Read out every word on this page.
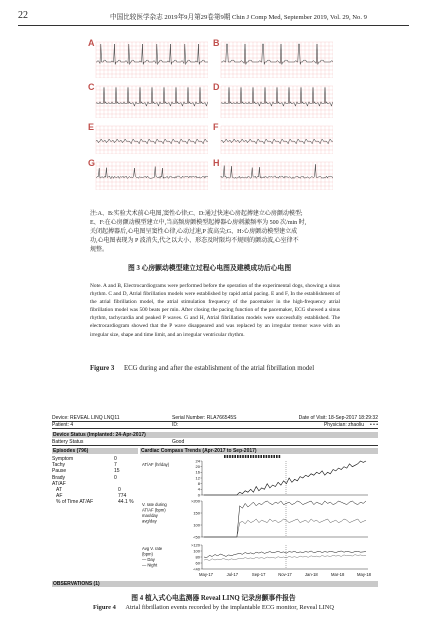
22	中国比较医学杂志 2019年9月第29卷第9期 Chin J Comp Med, September 2019, Vol. 29, No. 9
A	B
C	D
E	F
G	H
注:A、B:实验犬术前心电图,窦性心律;C、D:通过快速心房起搏建立心房颤动模型;
E、F:在心房颤动模型建立中,当高频房颤模型起搏器心房刺激频率为 500 次/min 时,
关闭起搏器后,心电图呈窦性心律,心动过速,P 波高尖;G、H:心房颤动模型建立成
功,心电图表现为 P 波消失,代之以大小、形态及时限均不规则的颤动波,心室律不
规整。
图 3 心房颤动模型建立过程心电图及建模成功后心电图
Note. A and B, Electrocardiograms were performed before the operation of the experimental dogs, showing a sinus rhythm. C and D, Atrial fibrillation models were established by rapid atrial pacing. E and F, In the establishment of the atrial fibrillation model, the atrial stimulation frequency of the pacemaker in the high-frequency atrial fibrillation model was 500 beats per min. After closing the pacing function of the pacemaker, ECG showed a sinus rhythm, tachycardia and peaked P waves. G and H, Atrial fibrillation models were successfully established. The electrocardiogram showed that the P wave disappeared and was replaced by an irregular tremor wave with an irregular size, shape and time limit, and an irregular ventricular rhythm.
Figure 3 ECG during and after the establishment of the atrial fibrillation model
Device: REVEAL LINQ LNQ11	Serial Number: RLA766545S	Date of Visit: 18-Sep-2017 18:29:32
Patient: 4	ID:	Physician: zhaoliu • • •
Device Status (Implanted: 24-Apr-2017)
Battery Status	Good
Episodes (796)	Cardiac Compass Trends (Apr-2017 to Sep-2017)
Symptom	0
Tachy	7
Pause	15
Brady	0
AT/AF
AT	0
AF	774
% of Time AT/AF	44.1 %
AT/AF (hr/day)
24
20
16
12
8
4
0
V. rate during
AT/AF (bpm)
max/day
avg/day
>200
150
100
<50
Avg V. rate
(bpm)
— Day
— Night
>120
100
80
60
<40
May-17	Jul-17	Sep-17	Nov-17	Jan-18	Mar-18	May-18
OBSERVATIONS (1)
图 4 植入式心电监测器 Reveal LINQ 记录房颤事件报告
Figure 4 Atrial fibrillation events recorded by the implantable ECG monitor, Reveal LINQ
